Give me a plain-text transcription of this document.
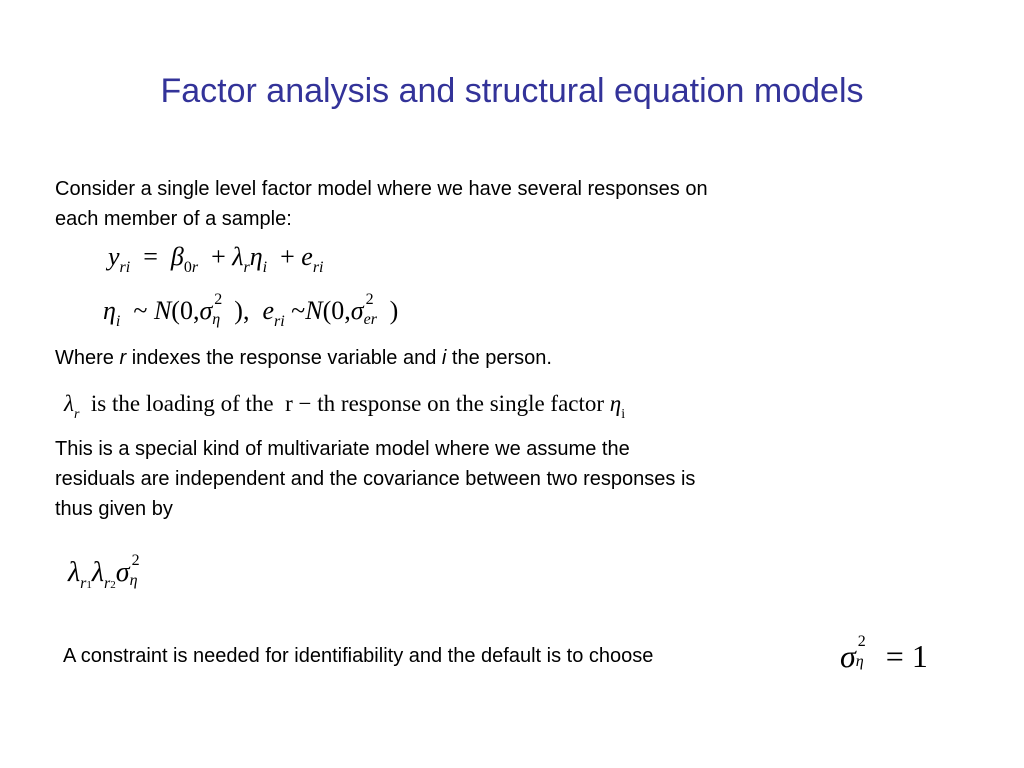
Factor analysis and structural equation models
Consider a single level factor model where we have several responses on
each member of a sample:
$y_{ri} = \beta_{0r} + \lambda_r\eta_i + e_{ri}$
$\eta_i$  ~ N(0,σ 2
η ),  $e_{ri}$ ~N(0,σ 2
er )
Where r indexes the response variable and i the person.
$\lambda_r$ is the loading of the r − th response on the single factor $\eta_i$
This is a special kind of multivariate model where we assume the
residuals are independent and the covariance between two responses is
thus given by
$\lambda_{r1}\lambda_{r2}\sigma$ 2
η
A constraint is needed for identifiability and the default is to choose	σ 2
η = 1
